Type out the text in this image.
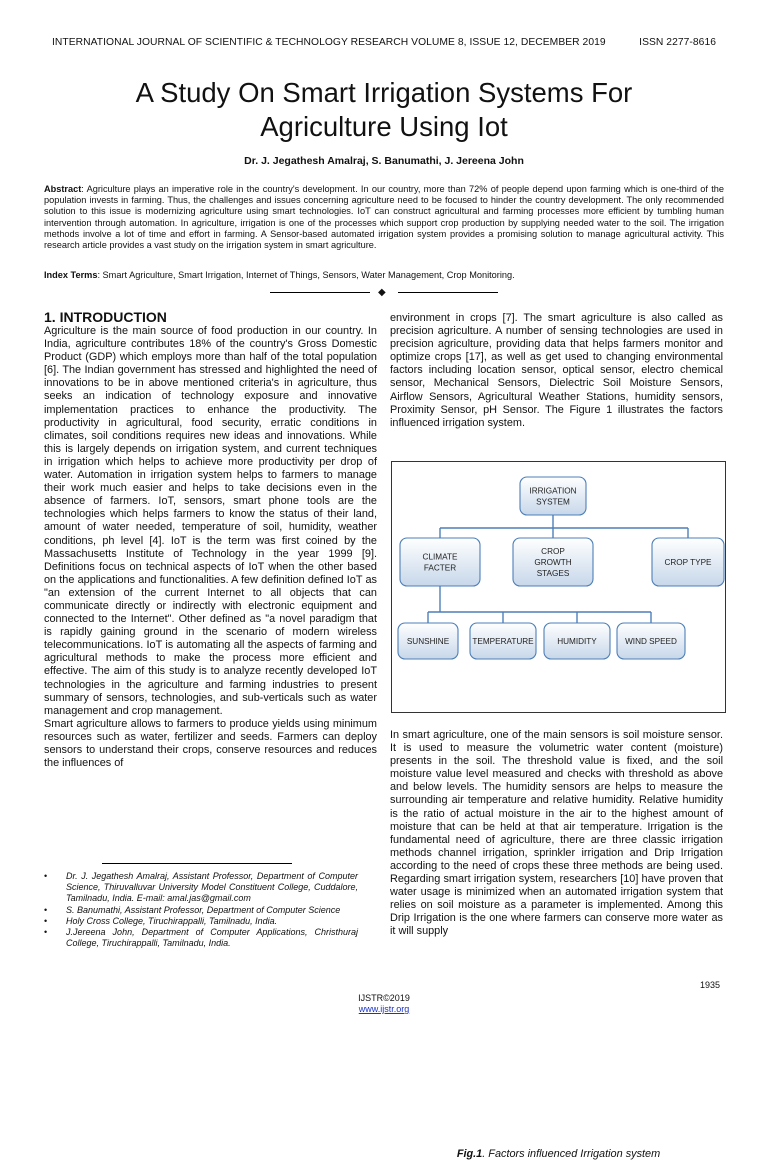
INTERNATIONAL JOURNAL OF SCIENTIFIC & TECHNOLOGY RESEARCH VOLUME 8, ISSUE 12, DECEMBER 2019	ISSN 2277-8616
A Study On Smart Irrigation Systems For
Agriculture Using Iot
Dr. J. Jegathesh Amalraj, S. Banumathi, J. Jereena John
Abstract: Agriculture plays an imperative role in the country's development. In our country, more than 72% of people depend upon farming which is one-third of the population invests in farming. Thus, the challenges and issues concerning agriculture need to be focused to hinder the country development. The only recommended solution to this issue is modernizing agriculture using smart technologies. IoT can construct agricultural and farming processes more efficient by tumbling human intervention through automation. In agriculture, irrigation is one of the processes which support crop production by supplying needed water to the soil. The irrigation methods involve a lot of time and effort in farming. A Sensor-based automated irrigation system provides a promising solution to manage agricultural activity. This research article provides a vast study on the irrigation system in smart agriculture.
Index Terms: Smart Agriculture, Smart Irrigation, Internet of Things, Sensors, Water Management, Crop Monitoring.
◆
1. INTRODUCTION

Agriculture is the main source of food production in our country. In India, agriculture contributes 18% of the country's Gross Domestic Product (GDP) which employs more than half of the total population [6]. The Indian government has stressed and highlighted the need of innovations to be in above mentioned criteria's in agriculture, thus seeks an indication of technology exposure and innovative implementation practices to enhance the productivity. The productivity in agricultural, food security, erratic conditions in climates, soil conditions requires new ideas and innovations. While this is largely depends on irrigation system, and current techniques in irrigation which helps to achieve more productivity per drop of water. Automation in irrigation system helps to farmers to manage their work much easier and helps to take decisions even in the absence of farmers. IoT, sensors, smart phone tools are the technologies which helps farmers to know the status of their land, amount of water needed, temperature of soil, humidity, weather conditions, ph level [4]. IoT is the term was first coined by the Massachusetts Institute of Technology in the year 1999 [9]. Definitions focus on technical aspects of IoT when the other based on the applications and functionalities. A few definition defined IoT as "an extension of the current Internet to all objects that can communicate directly or indirectly with electronic equipment and connected to the Internet". Other defined as "a novel paradigm that is rapidly gaining ground in the scenario of modern wireless telecommunications. IoT is automating all the aspects of farming and agricultural methods to make the process more efficient and effective. The aim of this study is to analyze recently developed IoT technologies in the agriculture and farming industries to present summary of sensors, technologies, and sub-verticals such as water management and crop management.

Smart agriculture allows to farmers to produce yields using minimum resources such as water, fertilizer and seeds. Farmers can deploy sensors to understand their crops, conserve resources and reduces the influences of

• Dr. J. Jegathesh Amalraj, Assistant Professor, Department of Computer Science, Thiruvalluvar University Model Constituent College, Cuddalore, Tamilnadu, India. E-mail: amal.jas@gmail.com
• S. Banumathi, Assistant Professor, Department of Computer Science
• Holy Cross College, Tiruchirappalli, Tamilnadu, India.
• J.Jereena John, Department of Computer Applications, Christhuraj College, Tiruchirappalli, Tamilnadu, India.

environment in crops [7]. The smart agriculture is also called as precision agriculture. A number of sensing technologies are used in precision agriculture, providing data that helps farmers monitor and optimize crops [17], as well as get used to changing environmental factors including location sensor, optical sensor, electro chemical sensor, Mechanical Sensors, Dielectric Soil Moisture Sensors, Airflow Sensors, Agricultural Weather Stations, humidity sensors, Proximity Sensor, pH Sensor. The Figure 1 illustrates the factors influenced irrigation system.

IRRIGATION
SYSTEM
CLIMATE
FACTER
CROP
GROWTH
STAGES
CROP TYPE
SUNSHINE	TEMPERATURE	HUMIDITY	WIND SPEED
Fig.1. Factors influenced Irrigation system

In smart agriculture, one of the main sensors is soil moisture sensor. It is used to measure the volumetric water content (moisture) presents in the soil. The threshold value is fixed, and the soil moisture value level measured and checks with threshold as above and below levels. The humidity sensors are helps to measure the surrounding air temperature and relative humidity. Relative humidity is the ratio of actual moisture in the air to the highest amount of moisture that can be held at that air temperature. Irrigation is the fundamental need of agriculture, there are three classic irrigation methods channel irrigation, sprinkler irrigation and Drip Irrigation according to the need of crops these three methods are being used. Regarding smart irrigation system, researchers [10] have proven that water usage is minimized when an automated irrigation system that relies on soil moisture as a parameter is implemented. Among this Drip Irrigation is the one where farmers can conserve more water as it will supply

1935
IJSTR©2019
www.ijstr.org
